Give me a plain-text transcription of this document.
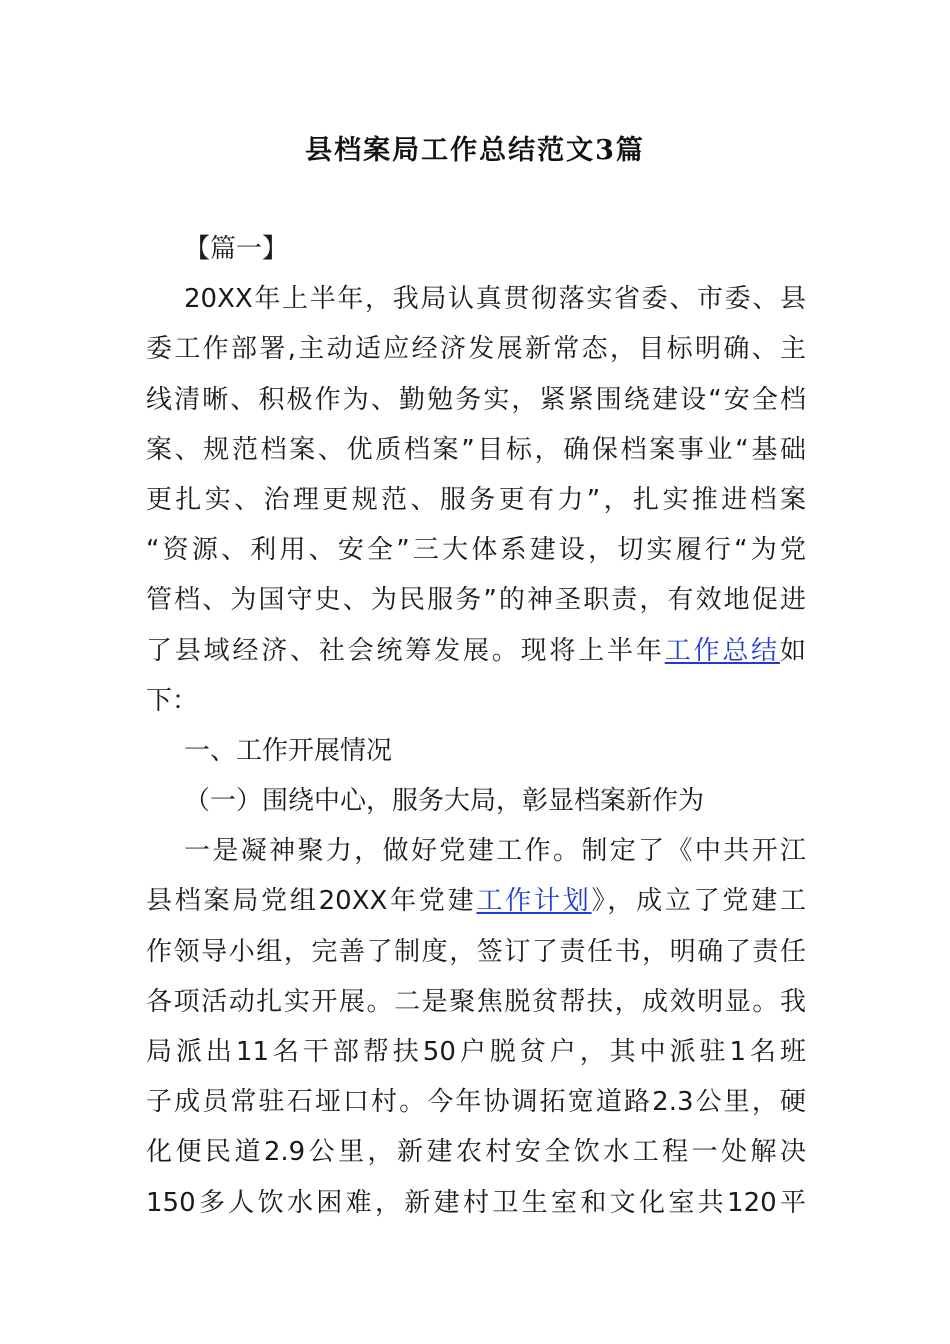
县档案局工作总结范文3篇
【篇一】
20XX年上半年，我局认真贯彻落实省委、市委、县
委工作部署,主动适应经济发展新常态，目标明确、主
线清晰、积极作为、勤勉务实，紧紧围绕建设“安全档
案、规范档案、优质档案”目标，确保档案事业“基础
更扎实、治理更规范、服务更有力”，扎实推进档案
“资源、利用、安全”三大体系建设，切实履行“为党
管档、为国守史、为民服务”的神圣职责，有效地促进
了县域经济、社会统筹发展。现将上半年工作总结如
下：
一、工作开展情况
（一）围绕中心，服务大局，彰显档案新作为
一是凝神聚力，做好党建工作。制定了《中共开江
县档案局党组20XX年党建工作计划》，成立了党建工
作领导小组，完善了制度，签订了责任书，明确了责任
各项活动扎实开展。二是聚焦脱贫帮扶，成效明显。我
局派出11名干部帮扶50户脱贫户，其中派驻1名班
子成员常驻石垭口村。今年协调拓宽道路2.3公里，硬
化便民道2.9公里，新建农村安全饮水工程一处解决
150多人饮水困难，新建村卫生室和文化室共120平
